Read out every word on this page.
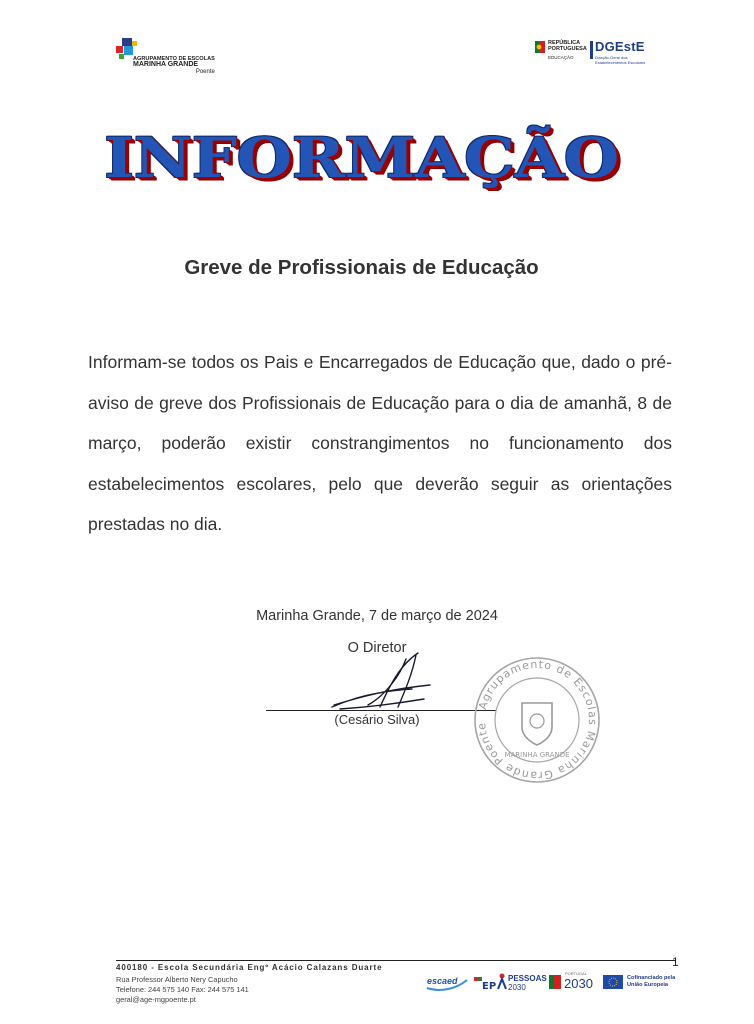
AGRUPAMENTO DE ESCOLAS
MARINHA GRANDE
Poente
REPÚBLICA
PORTUGUESA
EDUCAÇÃO
DGEstE
Direção-Geral dos
Estabelecimentos Escolares
INFORMAÇÃO
Greve de Profissionais de Educação
Informam-se todos os Pais e Encarregados de Educação que, dado o pré-aviso de greve dos Profissionais de Educação para o dia de amanhã, 8 de março, poderão existir constrangimentos no funcionamento dos estabelecimentos escolares, pelo que deverão seguir as orientações prestadas no dia.
Marinha Grande, 7 de março de 2024
O Diretor
(Cesário Silva)
Agrupamento de Escolas Marinha Grande Poente
MARINHA GRANDE
1
400180 - Escola Secundária Engº Acácio Calazans Duarte
Rua Professor Alberto Nery Capucho
Telefone: 244 575 140 Fax: 244 575 141
geral@age-mgpoente.pt
escaed EP
PESSOAS
2030
PORTUGAL
2030	Cofinanciado pela
União Europeia
